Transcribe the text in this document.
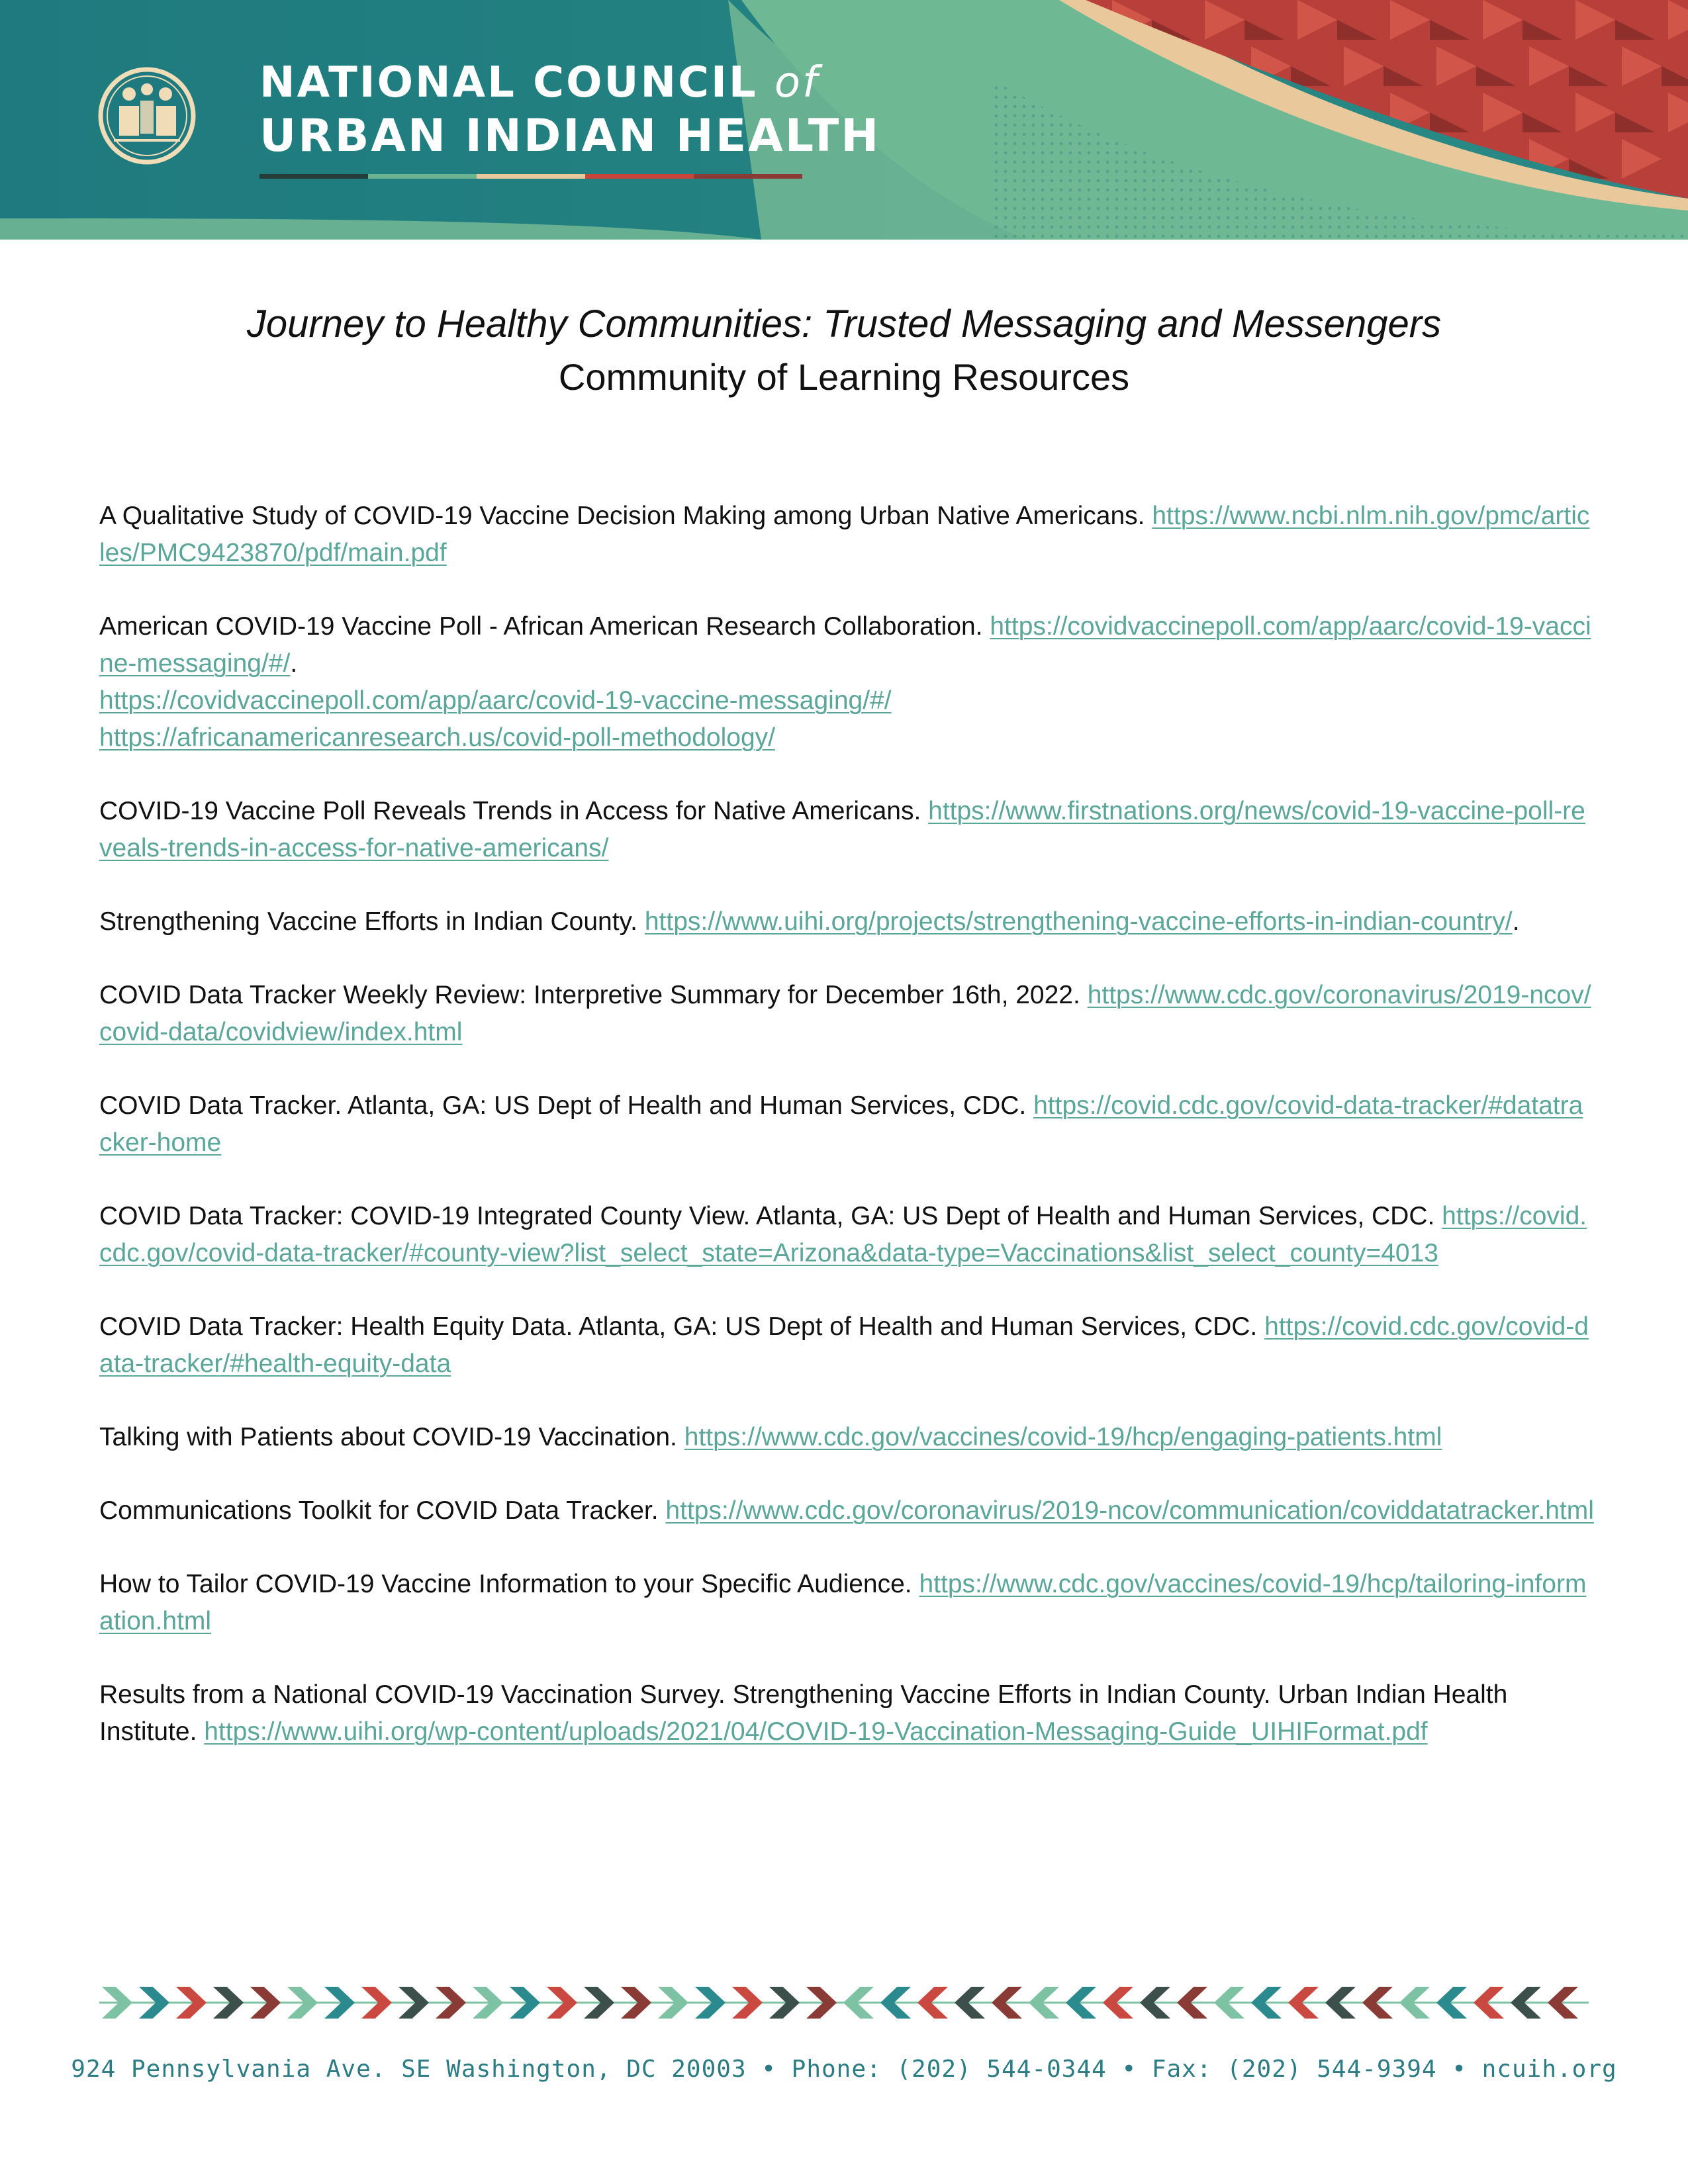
NATIONAL COUNCIL of
URBAN INDIAN HEALTH
Journey to Healthy Communities: Trusted Messaging and Messengers
Community of Learning Resources

A Qualitative Study of COVID-19 Vaccine Decision Making among Urban Native Americans. https://www.ncbi.nlm.nih.gov/pmc/articles/PMC9423870/pdf/main.pdf

American COVID-19 Vaccine Poll - African American Research Collaboration. https://covidvaccinepoll.com/app/aarc/covid-19-vaccine-messaging/#/.
https://covidvaccinepoll.com/app/aarc/covid-19-vaccine-messaging/#/
https://africanamericanresearch.us/covid-poll-methodology/

COVID-19 Vaccine Poll Reveals Trends in Access for Native Americans. https://www.firstnations.org/news/covid-19-vaccine-poll-reveals-trends-in-access-for-native-americans/

Strengthening Vaccine Efforts in Indian County. https://www.uihi.org/projects/strengthening-vaccine-efforts-in-indian-country/.

COVID Data Tracker Weekly Review: Interpretive Summary for December 16th, 2022. https://www.cdc.gov/coronavirus/2019-ncov/covid-data/covidview/index.html

COVID Data Tracker. Atlanta, GA: US Dept of Health and Human Services, CDC. https://covid.cdc.gov/covid-data-tracker/#datatracker-home

COVID Data Tracker: COVID-19 Integrated County View. Atlanta, GA: US Dept of Health and Human Services, CDC. https://covid.cdc.gov/covid-data-tracker/#county-view?list_select_state=Arizona&data-type=Vaccinations&list_select_county=4013

COVID Data Tracker: Health Equity Data. Atlanta, GA: US Dept of Health and Human Services, CDC. https://covid.cdc.gov/covid-data-tracker/#health-equity-data

Talking with Patients about COVID-19 Vaccination. https://www.cdc.gov/vaccines/covid-19/hcp/engaging-patients.html

Communications Toolkit for COVID Data Tracker. https://www.cdc.gov/coronavirus/2019-ncov/communication/coviddatatracker.html

How to Tailor COVID-19 Vaccine Information to your Specific Audience. https://www.cdc.gov/vaccines/covid-19/hcp/tailoring-information.html

Results from a National COVID-19 Vaccination Survey. Strengthening Vaccine Efforts in Indian County. Urban Indian Health Institute. https://www.uihi.org/wp-content/uploads/2021/04/COVID-19-Vaccination-Messaging-Guide_UIHIFormat.pdf

924 Pennsylvania Ave. SE Washington, DC 20003 • Phone: (202) 544-0344 • Fax: (202) 544-9394 • ncuih.org
